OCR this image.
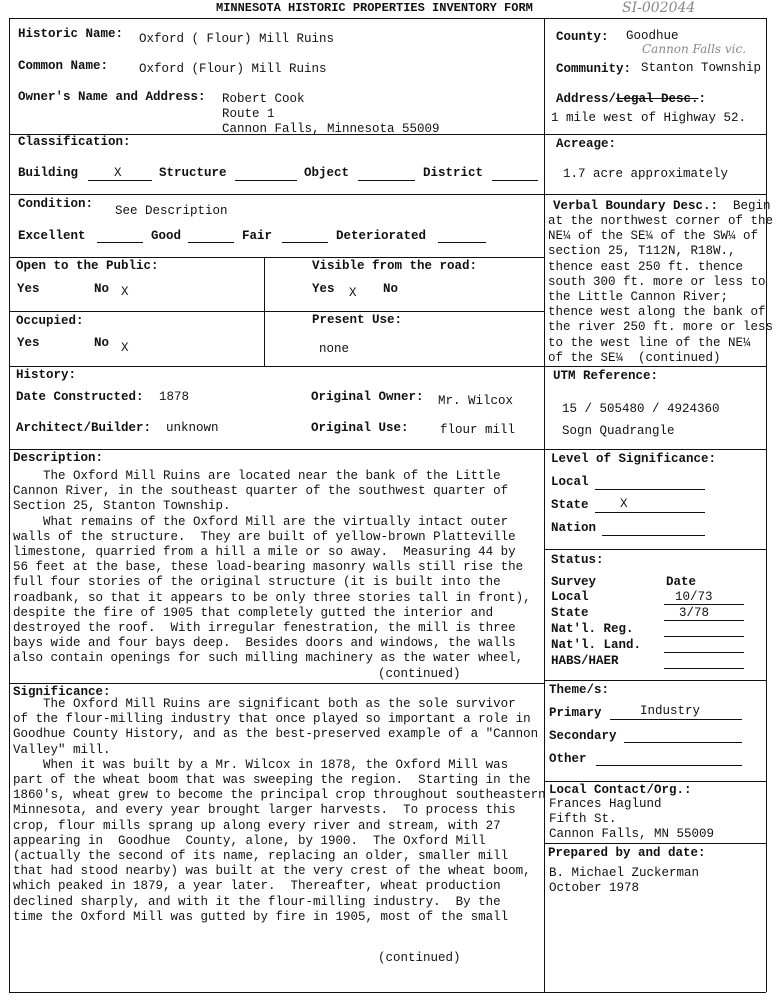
MINNESOTA HISTORIC PROPERTIES INVENTORY FORM	SI-002044
Historic Name: Oxford ( Flour) Mill Ruins
Common Name: Oxford (Flour) Mill Ruins
Owner's Name and Address: Robert Cook
Route 1
Cannon Falls, Minnesota 55009
County: Goodhue
Cannon Falls vic.
Community: Stanton Township
Address/Legal Desc.:
1 mile west of Highway 52.
Classification:
Building	X	Structure	Object	District
Acreage:
1.7 acre approximately
Condition: See Description
Excellent	Good	Fair	Deteriorated
Verbal Boundary Desc.: Begin
at the northwest corner of the
NE¼ of the SE¼ of the SW¼ of
section 25, T112N, R18W.,
thence east 250 ft. thence
south 300 ft. more or less to
the Little Cannon River;
thence west along the bank of
the river 250 ft. more or less
to the west line of the NE¼
of the SE¼  (continued)
Open to the Public:
Yes	No X
Visible from the road:
Yes X No
Occupied:
Yes	No X
Present Use:
none
History:
Date Constructed: 1878	Original Owner: Mr. Wilcox
Architect/Builder: unknown	Original Use:	flour mill
UTM Reference:
15 / 505480 / 4924360
Sogn Quadrangle
Description:
The Oxford Mill Ruins are located near the bank of the Little
Cannon River, in the southeast quarter of the southwest quarter of
Section 25, Stanton Township.
What remains of the Oxford Mill are the virtually intact outer
walls of the structure.  They are built of yellow-brown Platteville
limestone, quarried from a hill a mile or so away.  Measuring 44 by
56 feet at the base, these load-bearing masonry walls still rise the
full four stories of the original structure (it is built into the
roadbank, so that it appears to be only three stories tall in front),
despite the fire of 1905 that completely gutted the interior and
destroyed the roof.  With irregular fenestration, the mill is three
bays wide and four bays deep.  Besides doors and windows, the walls
also contain openings for such milling machinery as the water wheel,
(continued)
Level of Significance:
Local
State	X
Nation
Status:
Survey	Date
Local	10/73
State	3/78
Nat'l. Reg.
Nat'l. Land.
HABS/HAER
Significance:
The Oxford Mill Ruins are significant both as the sole survivor
of the flour-milling industry that once played so important a role in
Goodhue County History, and as the best-preserved example of a "Cannon
Valley" mill.
When it was built by a Mr. Wilcox in 1878, the Oxford Mill was
part of the wheat boom that was sweeping the region.  Starting in the
1860's, wheat grew to become the principal crop throughout southeastern
Minnesota, and every year brought larger harvests.  To process this
crop, flour mills sprang up along every river and stream, with 27
appearing in  Goodhue  County, alone, by 1900.  The Oxford Mill
(actually the second of its name, replacing an older, smaller mill
that had stood nearby) was built at the very crest of the wheat boom,
which peaked in 1879, a year later.  Thereafter, wheat production
declined sharply, and with it the flour-milling industry.  By the
time the Oxford Mill was gutted by fire in 1905, most of the small
(continued)
Theme/s:
Primary	Industry
Secondary
Other
Local Contact/Org.:
Frances Haglund
Fifth St.
Cannon Falls, MN 55009
Prepared by and date:
B. Michael Zuckerman
October 1978
